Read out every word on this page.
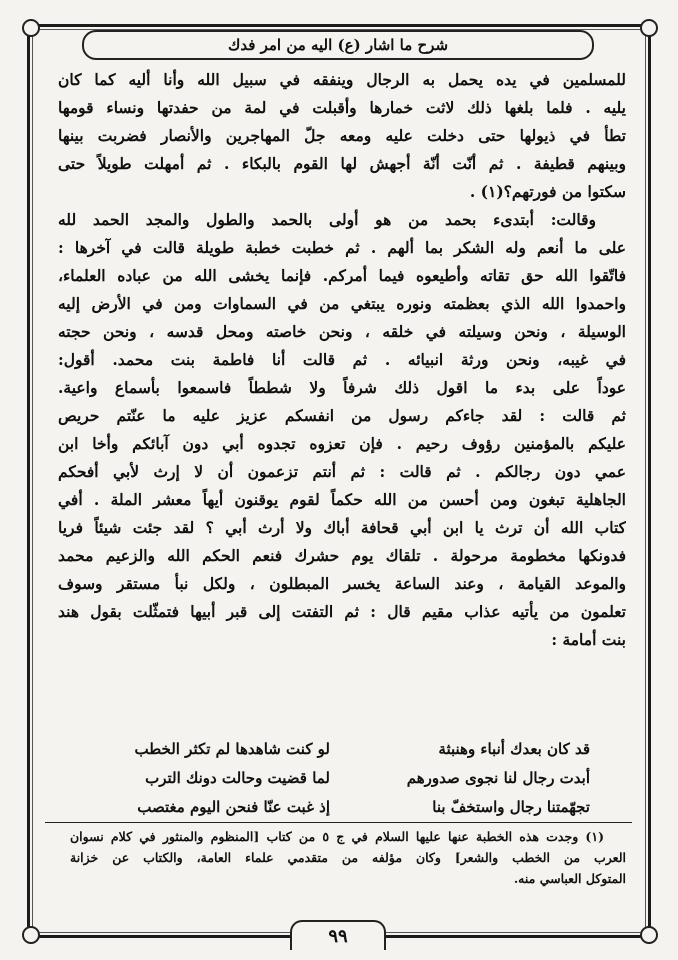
شرح ما اشار (ع) اليه من امر فدك

للمسلمين في يده يحمل به الرجال وينفقه في سبيل الله وأنا أليه كما كان
يليه . فلما بلغها ذلك لاثت خمارها وأقبلت في لمة من حفدتها ونساء قومها
تطأ في ذيولها حتى دخلت عليه ومعه جلّ المهاجرين والأنصار فضربت بينها
وبينهم قطيفة . ثم أنّت أنّة أجهش لها القوم بالبكاء . ثم أمهلت طويلاً حتى
سكتوا من فورتهم؟(١) .

وقالت: أبتدىء بحمد من هو أولى بالحمد والطول والمجد الحمد لله
على ما أنعم وله الشكر بما ألهم . ثم خطبت خطبة طويلة قالت في آخرها :
فاتّقوا الله حق تقاته وأطيعوه فيما أمركم. فإنما يخشى الله من عباده العلماء،
واحمدوا الله الذي بعظمته ونوره يبتغي من في السماوات ومن في الأرض إليه
الوسيلة ، ونحن وسيلته في خلقه ، ونحن خاصته ومحل قدسه ، ونحن حجته
في غيبه، ونحن ورثة انبيائه . ثم قالت أنا فاطمة بنت محمد. أقول:
عوداً على بدء ما اقول ذلك شرفاً ولا شططاً فاسمعوا بأسماع واعية.

ثم قالت : لقد جاءكم رسول من انفسكم عزيز عليه ما عنّتم حريص
عليكم بالمؤمنين رؤوف رحيم . فإن تعزوه تجدوه أبي دون آبائكم وأخا ابن
عمي دون رجالكم . ثم قالت : ثم أنتم تزعمون أن لا إرث لأبي أفحكم
الجاهلية تبغون ومن أحسن من الله حكماً لقوم يوقنون أيهاً معشر الملة . أفي
كتاب الله أن ترث يا ابن أبي قحافة أباك ولا أرث أبي ؟ لقد جئت شيئاً فريا
فدونكها مخطومة مرحولة . تلقاك يوم حشرك فنعم الحكم الله والزعيم محمد
والموعد القيامة ، وعند الساعة يخسر المبطلون ، ولكل نبأ مستقر وسوف
تعلمون من يأتيه عذاب مقيم قال : ثم التفتت إلى قبر أبيها فتمثّلت بقول هند
بنت أمامة :

قد كان بعدك أنباء وهنبثة
لو كنت شاهدها لم تكثر الخطب
أبدت رجال لنا نجوى صدورهم
لما قضيت وحالت دونك الترب
تجهّمتنا رجال واستخفّ بنا
إذ غبت عنّا فنحن اليوم مغتصب
(١) وجدت هذه الخطبة عنها عليها السلام في ج ٥ من كتاب [المنظوم والمنثور في كلام نسوان
العرب من الخطب والشعر] وكان مؤلفه من متقدمي علماء العامة، والكتاب عن خزانة
المتوكل العباسي منه.
٩٩
